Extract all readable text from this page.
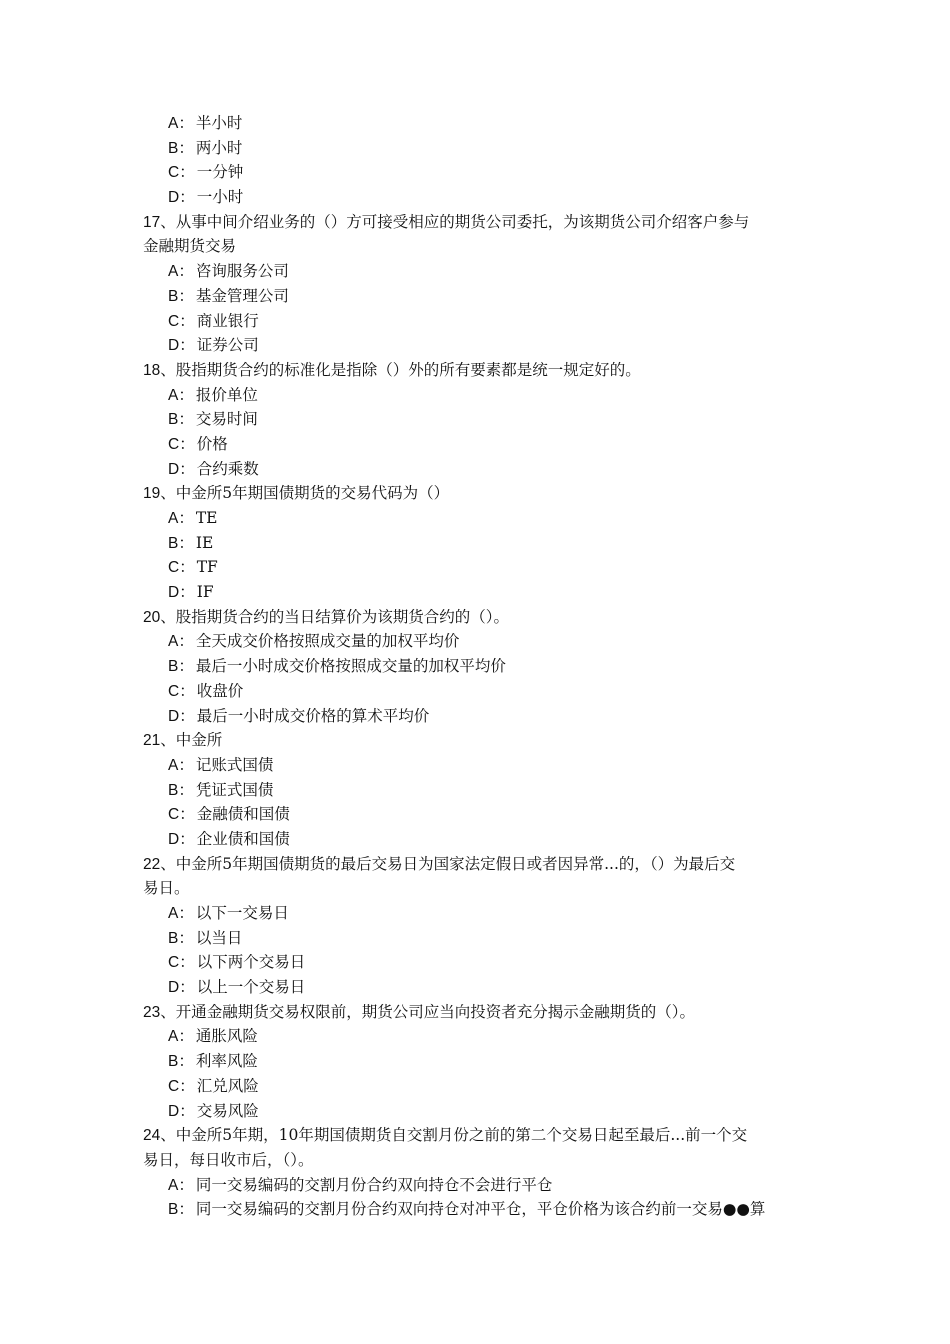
A： 半小时
B： 两小时
C： 一分钟
D： 一小时
17、从事中间介绍业务的（）方可接受相应的期货公司委托，为该期货公司介绍客户参与
金融期货交易
A： 咨询服务公司
B： 基金管理公司
C： 商业银行
D： 证券公司
18、股指期货合约的标准化是指除（）外的所有要素都是统一规定好的。
A： 报价单位
B： 交易时间
C： 价格
D： 合约乘数
19、中金所5年期国债期货的交易代码为（）
A： TE
B： IE
C： TF
D： IF
20、股指期货合约的当日结算价为该期货合约的（）。
A： 全天成交价格按照成交量的加权平均价
B： 最后一小时成交价格按照成交量的加权平均价
C： 收盘价
D： 最后一小时成交价格的算术平均价
21、中金所
A： 记账式国债
B： 凭证式国债
C： 金融债和国债
D： 企业债和国债
22、中金所5年期国债期货的最后交易日为国家法定假日或者因异常...的，（）为最后交
易日。
A： 以下一交易日
B： 以当日
C： 以下两个交易日
D： 以上一个交易日
23、开通金融期货交易权限前，期货公司应当向投资者充分揭示金融期货的（）。
A： 通胀风险
B： 利率风险
C： 汇兑风险
D： 交易风险
24、中金所5年期，10年期国债期货自交割月份之前的第二个交易日起至最后...前一个交
易日，每日收市后，（）。
A： 同一交易编码的交割月份合约双向持仓不会进行平仓
B： 同一交易编码的交割月份合约双向持仓对冲平仓，平仓价格为该合约前一交易●●算
